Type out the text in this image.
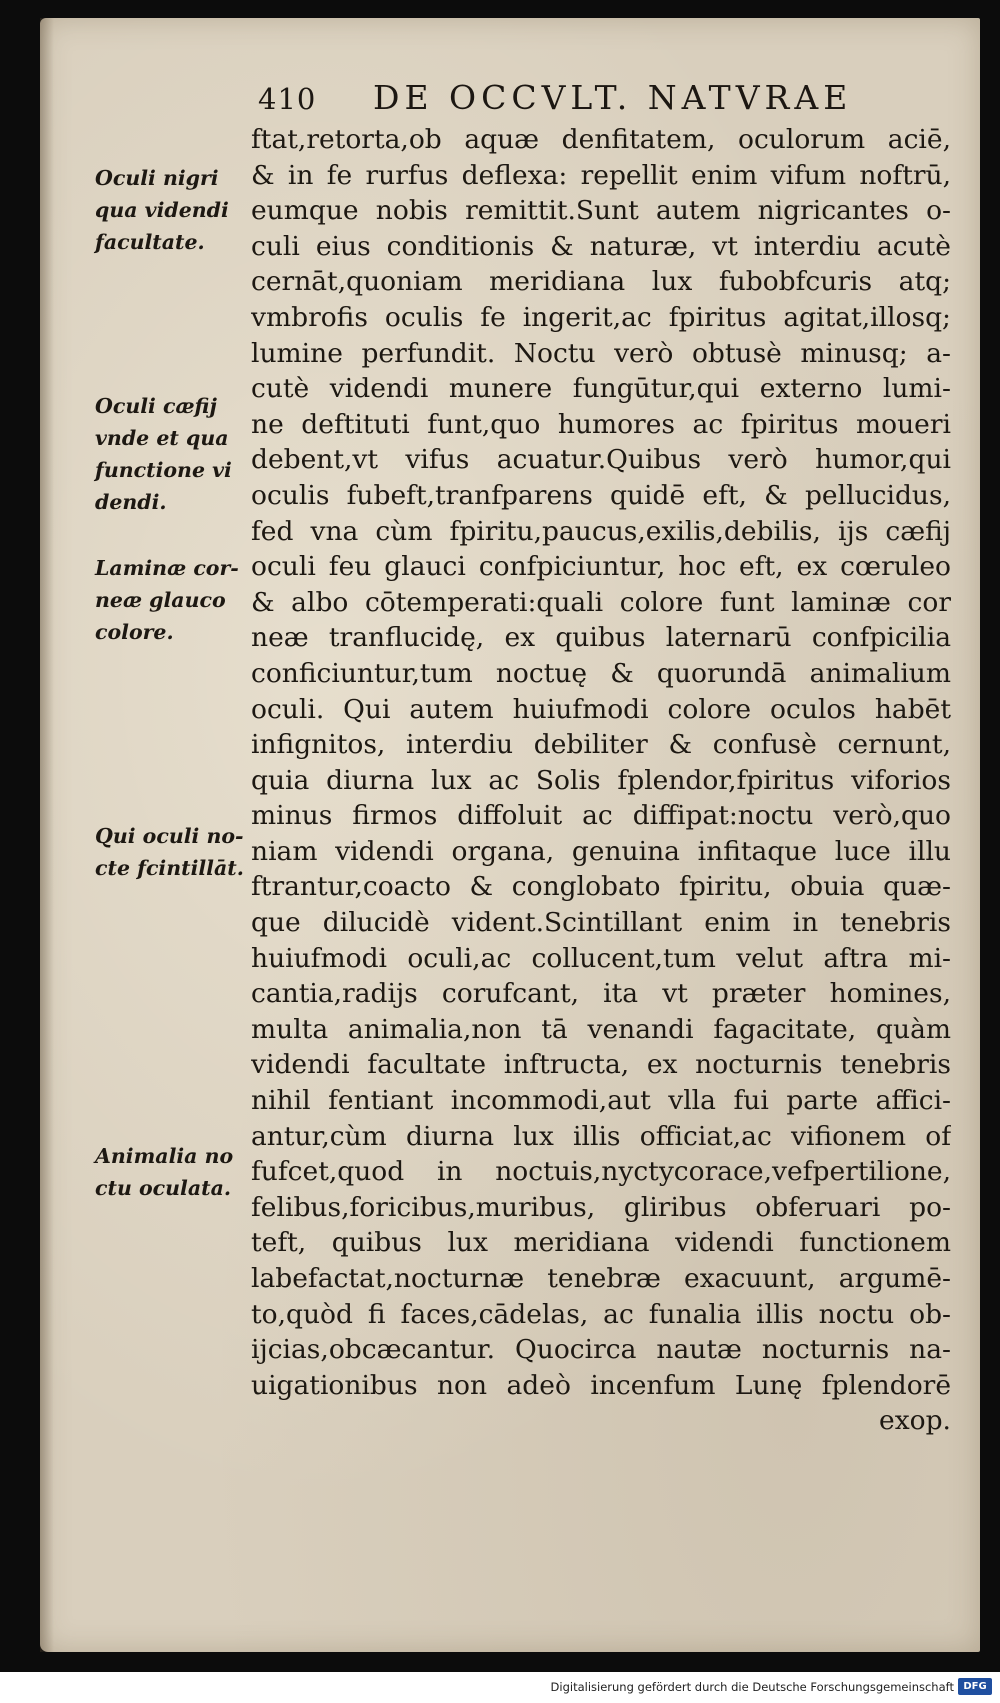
410	DE OCCVLT. NATVRAE
ftat,retorta,ob aquæ denfitatem, oculorum aciē,
& in fe rurfus deflexa: repellit enim vifum noftrū,
eumque nobis remittit.Sunt autem nigricantes o-
culi eius conditionis & naturæ, vt interdiu acutè
cernāt,quoniam meridiana lux fubobfcuris atq;
vmbrofis oculis fe ingerit,ac fpiritus agitat,illosq;
lumine perfundit. Noctu verò obtusè minusq; a-
cutè videndi munere fungūtur,qui externo lumi-
ne deftituti funt,quo humores ac fpiritus moueri
debent,vt vifus acuatur.Quibus verò humor,qui
oculis fubeft,tranfparens quidē eft, & pellucidus,
fed vna cùm fpiritu,paucus,exilis,debilis, ijs cæfij
oculi feu glauci confpiciuntur, hoc eft, ex cœruleo
& albo cōtemperati:quali colore funt laminæ cor
neæ tranflucidę, ex quibus laternarū confpicilia
conficiuntur,tum noctuę & quorundā animalium
oculi. Qui autem huiufmodi colore oculos habēt
infignitos, interdiu debiliter & confusè cernunt,
quia diurna lux ac Solis fplendor,fpiritus viforios
minus firmos diffoluit ac diffipat:noctu verò,quo
niam videndi organa, genuina infitaque luce illu
ftrantur,coacto & conglobato fpiritu, obuia quæ-
que dilucidè vident.Scintillant enim in tenebris
huiufmodi oculi,ac collucent,tum velut aftra mi-
cantia,radijs corufcant, ita vt præter homines,
multa animalia,non tā venandi fagacitate, quàm
videndi facultate inftructa, ex nocturnis tenebris
nihil fentiant incommodi,aut vlla fui parte affici-
antur,cùm diurna lux illis officiat,ac vifionem of
fufcet,quod in noctuis,nyctycorace,vefpertilione,
felibus,foricibus,muribus, gliribus obferuari po-
teft, quibus lux meridiana videndi functionem
labefactat,nocturnæ tenebræ exacuunt, argumē-
to,quòd fi faces,cādelas, ac funalia illis noctu ob-
ijcias,obcæcantur. Quocirca nautæ nocturnis na-
uigationibus non adeò incenfum Lunę fplendorē
exop.
Oculi nigri
qua videndi
facultate.
Oculi cæfij
vnde et qua
functione vi
dendi.
Laminæ cor-
neæ glauco
colore.
Qui oculi no-
cte fcintillāt.
Animalia no
ctu oculata.
Digitalisierung gefördert durch die Deutsche Forschungsgemeinschaft DFG
